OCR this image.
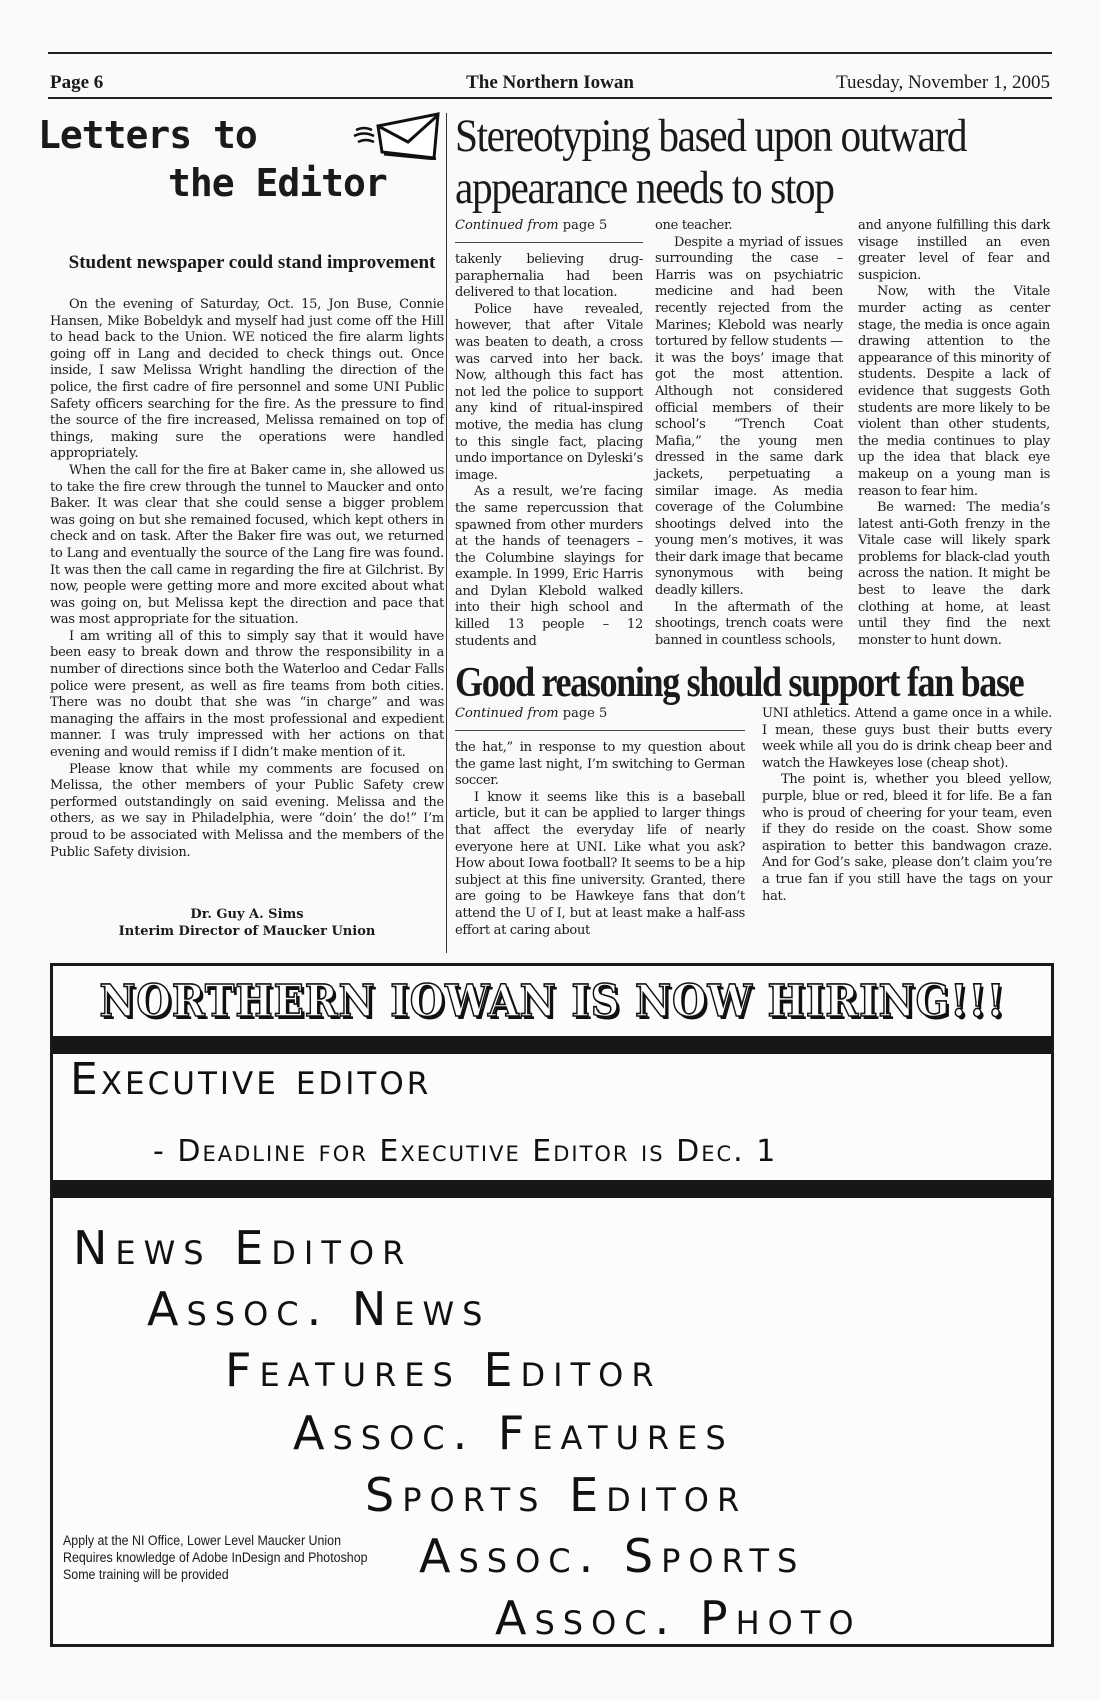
Page 6	The Northern Iowan	Tuesday, November 1, 2005
Letters to
the Editor
Student newspaper could stand improvement

On the evening of Saturday, Oct. 15, Jon Buse, Connie Hansen, Mike Bobeldyk and myself had just come off the Hill to head back to the Union. WE noticed the fire alarm lights going off in Lang and decided to check things out. Once inside, I saw Melissa Wright handling the direction of the police, the first cadre of fire personnel and some UNI Public Safety officers searching for the fire. As the pressure to find the source of the fire increased, Melissa remained on top of things, making sure the operations were handled appropriately.

When the call for the fire at Baker came in, she allowed us to take the fire crew through the tunnel to Maucker and onto Baker. It was clear that she could sense a bigger problem was going on but she remained focused, which kept others in check and on task. After the Baker fire was out, we returned to Lang and eventually the source of the Lang fire was found. It was then the call came in regarding the fire at Gilchrist. By now, people were getting more and more excited about what was going on, but Melissa kept the direction and pace that was most appropriate for the situation.

I am writing all of this to simply say that it would have been easy to break down and throw the responsibility in a number of directions since both the Waterloo and Cedar Falls police were present, as well as fire teams from both cities. There was no doubt that she was “in charge” and was managing the affairs in the most professional and expedient manner. I was truly impressed with her actions on that evening and would remiss if I didn’t make mention of it.

Please know that while my comments are focused on Melissa, the other members of your Public Safety crew performed outstandingly on said evening. Melissa and the others, as we say in Philadelphia, were “doin’ the do!” I’m proud to be associated with Melissa and the members of the Public Safety division.

Dr. Guy A. Sims
Interim Director of Maucker Union
Stereotyping based upon outward
appearance needs to stop
Continued from page 5

takenly believing drug-paraphernalia had been delivered to that location.

Police have revealed, however, that after Vitale was beaten to death, a cross was carved into her back. Now, although this fact has not led the police to support any kind of ritual-inspired motive, the media has clung to this single fact, placing undo importance on Dyleski’s image.

As a result, we’re facing the same repercussion that spawned from other murders at the hands of teenagers – the Columbine slayings for example. In 1999, Eric Harris and Dylan Klebold walked into their high school and killed 13 people – 12 students and

one teacher.

Despite a myriad of issues surrounding the case – Harris was on psychiatric medicine and had been recently rejected from the Marines; Klebold was nearly tortured by fellow students — it was the boys’ image that got the most attention. Although not considered official members of their school’s “Trench Coat Mafia,” the young men dressed in the same dark jackets, perpetuating a similar image. As media coverage of the Columbine shootings delved into the young men’s motives, it was their dark image that became synonymous with being deadly killers.

In the aftermath of the shootings, trench coats were banned in countless schools,

and anyone fulfilling this dark visage instilled an even greater level of fear and suspicion.

Now, with the Vitale murder acting as center stage, the media is once again drawing attention to the appearance of this minority of students. Despite a lack of evidence that suggests Goth students are more likely to be violent than other students, the media continues to play up the idea that black eye makeup on a young man is reason to fear him.

Be warned: The media’s latest anti-Goth frenzy in the Vitale case will likely spark problems for black-clad youth across the nation. It might be best to leave the dark clothing at home, at least until they find the next monster to hunt down.

Good reasoning should support fan base
Continued from page 5

the hat,” in response to my question about the game last night, I’m switching to German soccer.

I know it seems like this is a baseball article, but it can be applied to larger things that affect the everyday life of nearly everyone here at UNI. Like what you ask? How about Iowa football? It seems to be a hip subject at this fine university. Granted, there are going to be Hawkeye fans that don’t attend the U of I, but at least make a half-ass effort at caring about

UNI athletics. Attend a game once in a while. I mean, these guys bust their butts every week while all you do is drink cheap beer and watch the Hawkeyes lose (cheap shot).

The point is, whether you bleed yellow, purple, blue or red, bleed it for life. Be a fan who is proud of cheering for your team, even if they do reside on the coast. Show some aspiration to better this bandwagon craze. And for God’s sake, please don’t claim you’re a true fan if you still have the tags on your hat.

NORTHERN IOWAN IS NOW HIRING!!!
Executive editor
- Deadline for Executive Editor is Dec. 1
News Editor
Assoc. News
Features Editor
Assoc. Features
Sports Editor
Assoc. Sports
Assoc. Photo
Apply at the NI Office, Lower Level Maucker Union
Requires knowledge of Adobe InDesign and Photoshop
Some training will be provided
